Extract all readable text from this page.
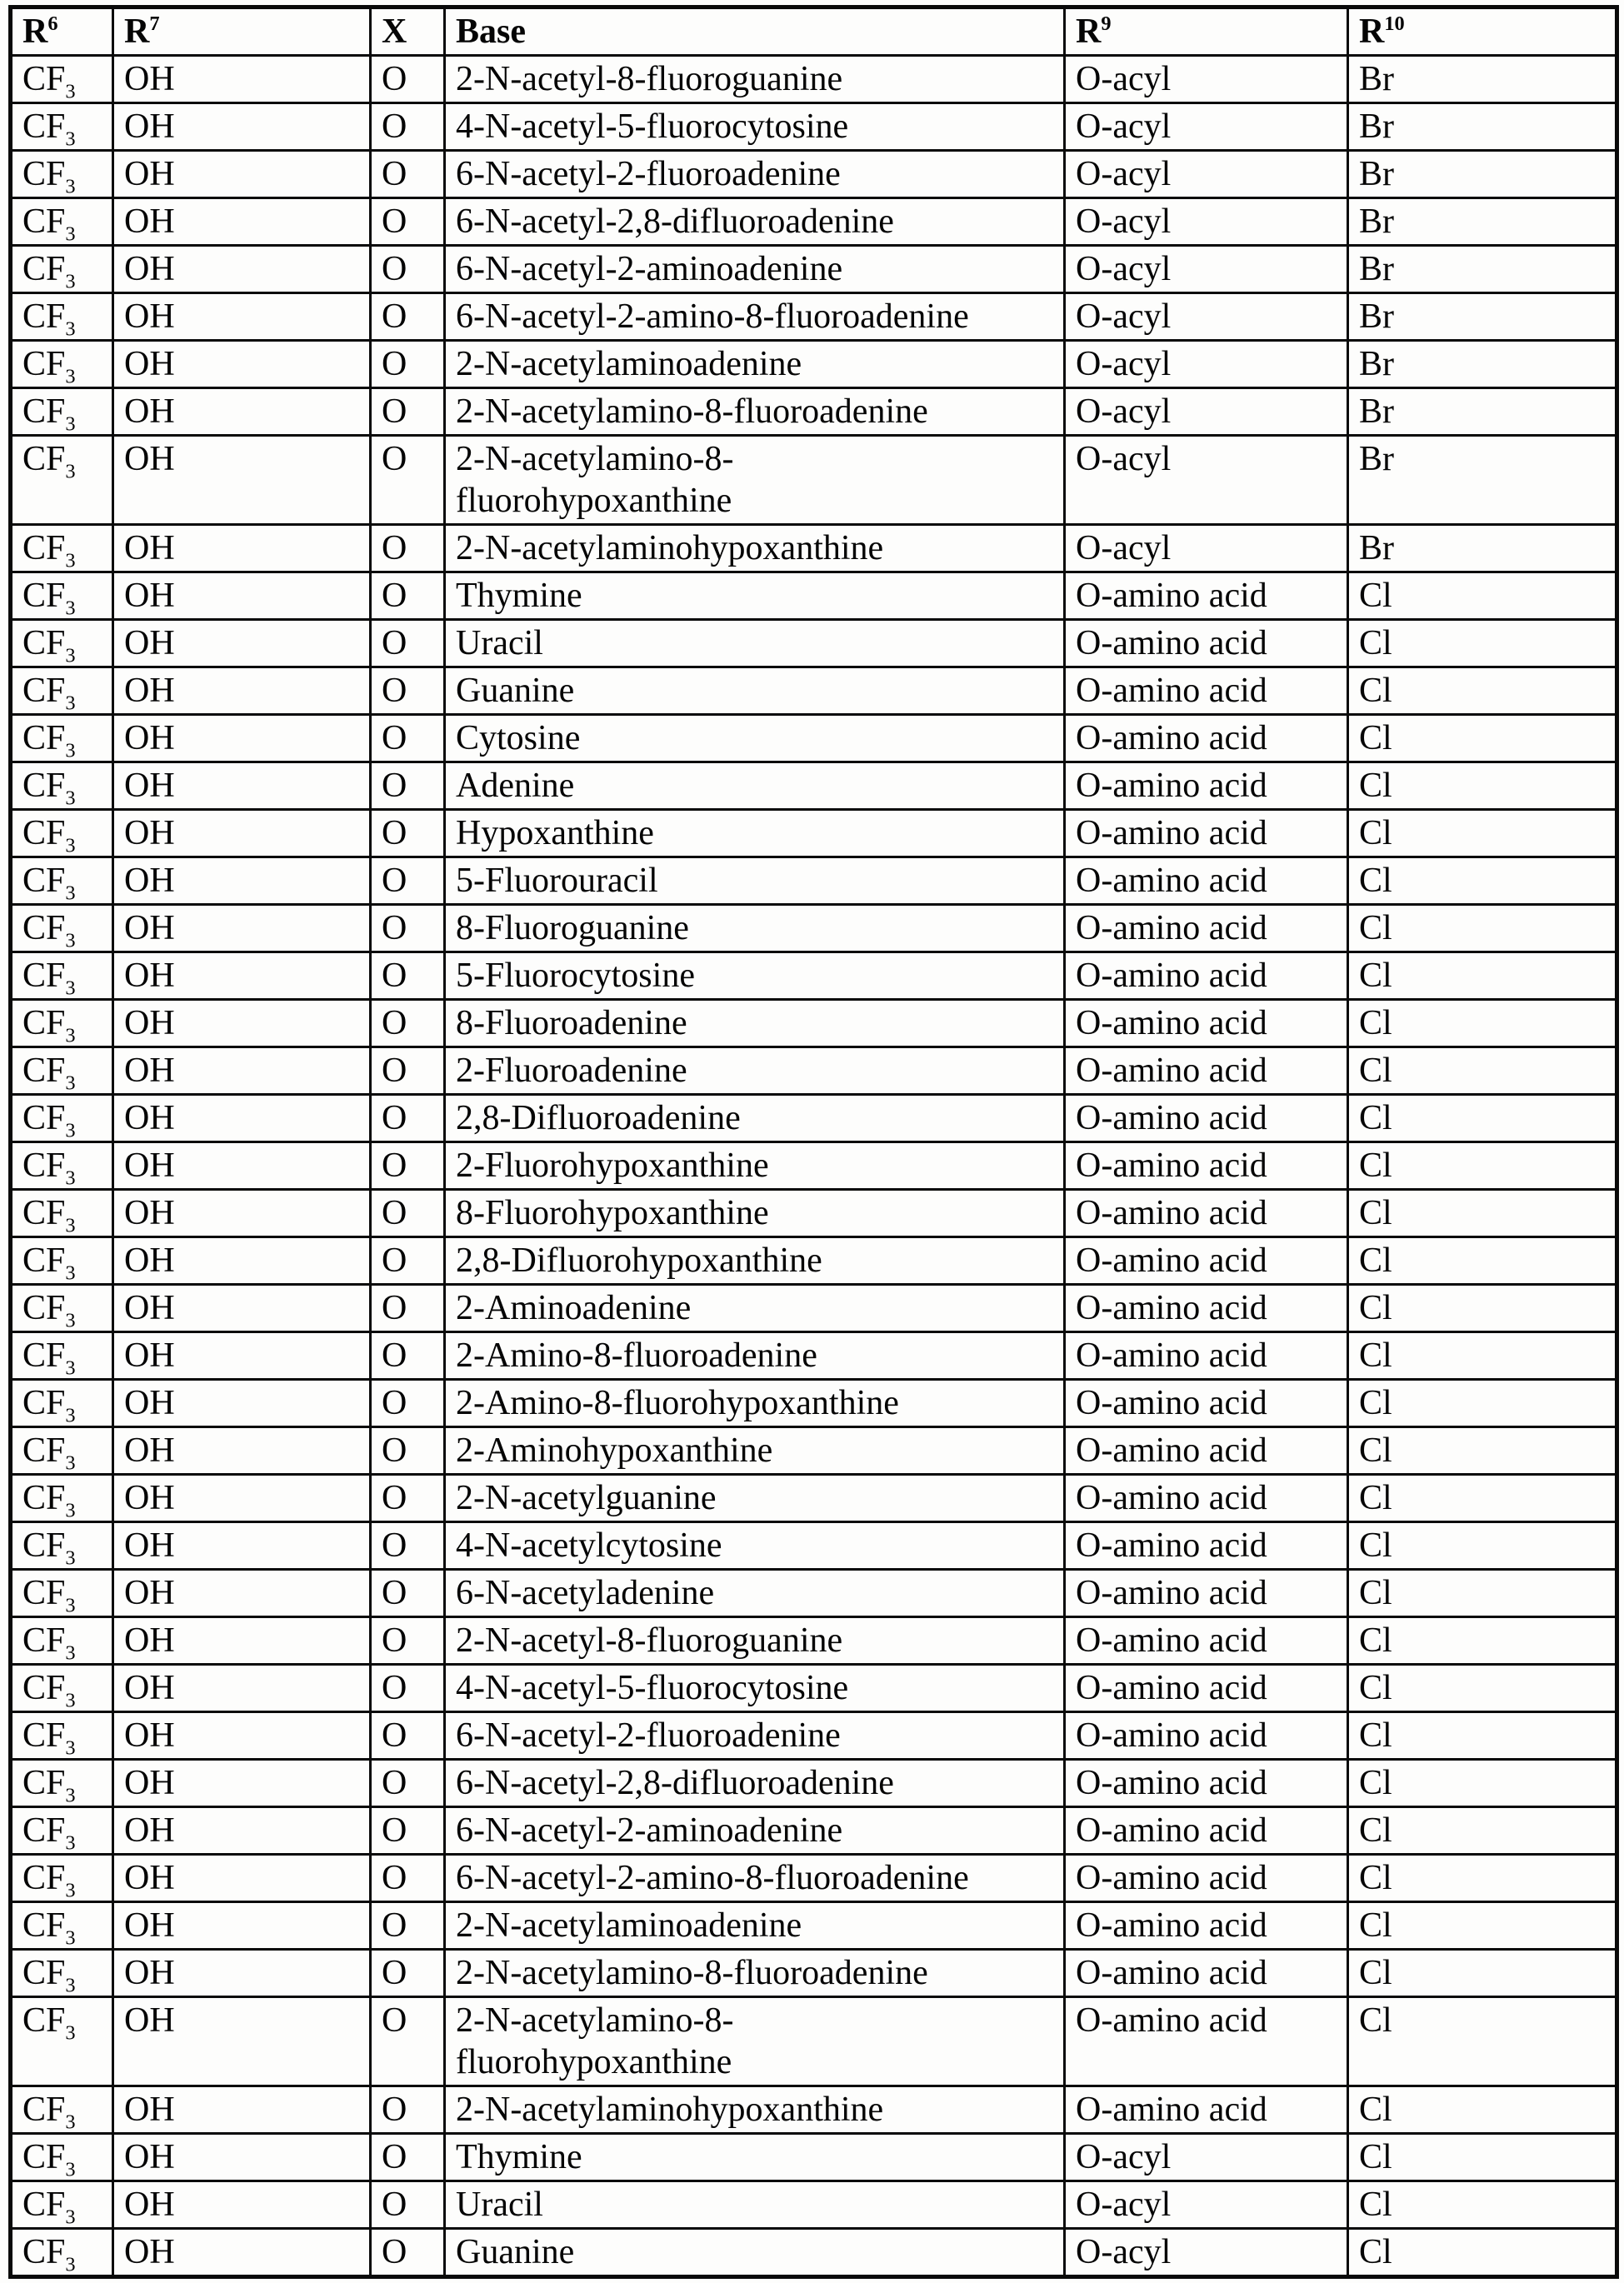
$R^6$	$R^7$	X	Base	$R^9$	$R^{10}$
$CF_3$	OH	O	2-N-acetyl-8-fluoroguanine	O-acyl	Br
$CF_3$	OH	O	4-N-acetyl-5-fluorocytosine	O-acyl	Br
$CF_3$	OH	O	6-N-acetyl-2-fluoroadenine	O-acyl	Br
$CF_3$	OH	O	6-N-acetyl-2,8-difluoroadenine	O-acyl	Br
$CF_3$	OH	O	6-N-acetyl-2-aminoadenine	O-acyl	Br
$CF_3$	OH	O	6-N-acetyl-2-amino-8-fluoroadenine	O-acyl	Br
$CF_3$	OH	O	2-N-acetylaminoadenine	O-acyl	Br
$CF_3$	OH	O	2-N-acetylamino-8-fluoroadenine	O-acyl	Br
$CF_3$	OH	O	2-N-acetylamino-8-
fluorohypoxanthine	O-acyl	Br
$CF_3$	OH	O	2-N-acetylaminohypoxanthine	O-acyl	Br
$CF_3$	OH	O	Thymine	O-amino acid	Cl
$CF_3$	OH	O	Uracil	O-amino acid	Cl
$CF_3$	OH	O	Guanine	O-amino acid	Cl
$CF_3$	OH	O	Cytosine	O-amino acid	Cl
$CF_3$	OH	O	Adenine	O-amino acid	Cl
$CF_3$	OH	O	Hypoxanthine	O-amino acid	Cl
$CF_3$	OH	O	5-Fluorouracil	O-amino acid	Cl
$CF_3$	OH	O	8-Fluoroguanine	O-amino acid	Cl
$CF_3$	OH	O	5-Fluorocytosine	O-amino acid	Cl
$CF_3$	OH	O	8-Fluoroadenine	O-amino acid	Cl
$CF_3$	OH	O	2-Fluoroadenine	O-amino acid	Cl
$CF_3$	OH	O	2,8-Difluoroadenine	O-amino acid	Cl
$CF_3$	OH	O	2-Fluorohypoxanthine	O-amino acid	Cl
$CF_3$	OH	O	8-Fluorohypoxanthine	O-amino acid	Cl
$CF_3$	OH	O	2,8-Difluorohypoxanthine	O-amino acid	Cl
$CF_3$	OH	O	2-Aminoadenine	O-amino acid	Cl
$CF_3$	OH	O	2-Amino-8-fluoroadenine	O-amino acid	Cl
$CF_3$	OH	O	2-Amino-8-fluorohypoxanthine	O-amino acid	Cl
$CF_3$	OH	O	2-Aminohypoxanthine	O-amino acid	Cl
$CF_3$	OH	O	2-N-acetylguanine	O-amino acid	Cl
$CF_3$	OH	O	4-N-acetylcytosine	O-amino acid	Cl
$CF_3$	OH	O	6-N-acetyladenine	O-amino acid	Cl
$CF_3$	OH	O	2-N-acetyl-8-fluoroguanine	O-amino acid	Cl
$CF_3$	OH	O	4-N-acetyl-5-fluorocytosine	O-amino acid	Cl
$CF_3$	OH	O	6-N-acetyl-2-fluoroadenine	O-amino acid	Cl
$CF_3$	OH	O	6-N-acetyl-2,8-difluoroadenine	O-amino acid	Cl
$CF_3$	OH	O	6-N-acetyl-2-aminoadenine	O-amino acid	Cl
$CF_3$	OH	O	6-N-acetyl-2-amino-8-fluoroadenine	O-amino acid	Cl
$CF_3$	OH	O	2-N-acetylaminoadenine	O-amino acid	Cl
$CF_3$	OH	O	2-N-acetylamino-8-fluoroadenine	O-amino acid	Cl
$CF_3$	OH	O	2-N-acetylamino-8-
fluorohypoxanthine	O-amino acid	Cl
$CF_3$	OH	O	2-N-acetylaminohypoxanthine	O-amino acid	Cl
$CF_3$	OH	O	Thymine	O-acyl	Cl
$CF_3$	OH	O	Uracil	O-acyl	Cl
$CF_3$	OH	O	Guanine	O-acyl	Cl
